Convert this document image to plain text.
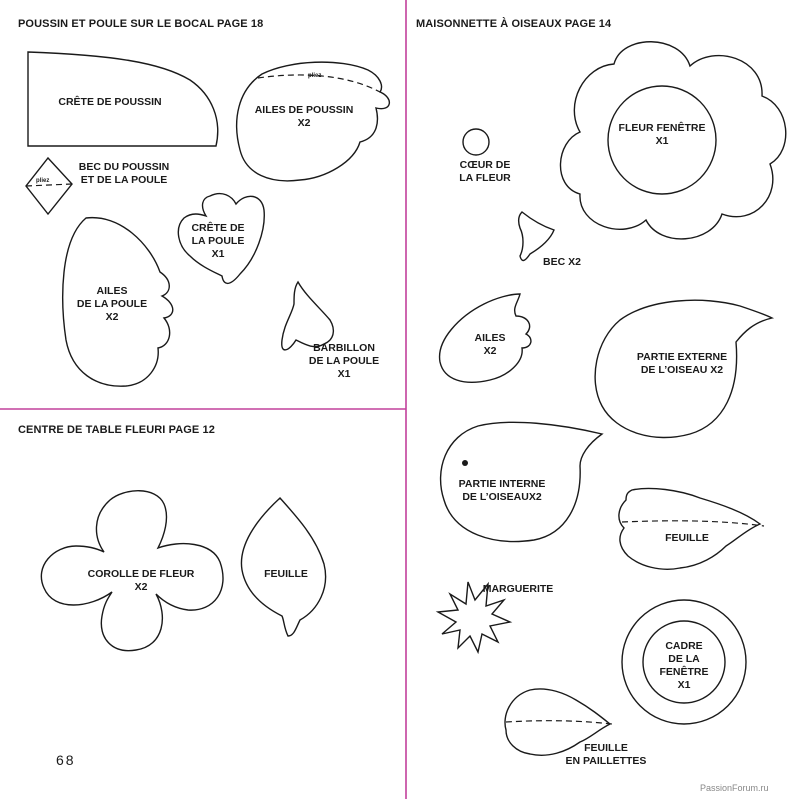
POUSSIN ET POULE SUR LE BOCAL PAGE 18	MAISONNETTE À OISEAUX PAGE 14
CENTRE DE TABLE FLEURI PAGE 12
CRÊTE DE POUSSIN
AILES DE POUSSIN
X2
pliez
BEC DU POUSSIN
ET DE LA POULE
pliez
CRÊTE DE
LA POULE
X1
AILES
DE LA POULE
X2
BARBILLON
DE LA POULE
X1
FLEUR FENÊTRE
X1
CŒUR DE
LA FLEUR
BEC X2
AILES
X2	PARTIE EXTERNE
DE L’OISEAU X2
PARTIE INTERNE
DE L’OISEAUX2
FEUILLE
MARGUERITE
CADRE
DE LA
FENÊTRE
X1
FEUILLE
EN PAILLETTES
COROLLE DE FLEUR
X2
FEUILLE
68
PassionForum.ru
